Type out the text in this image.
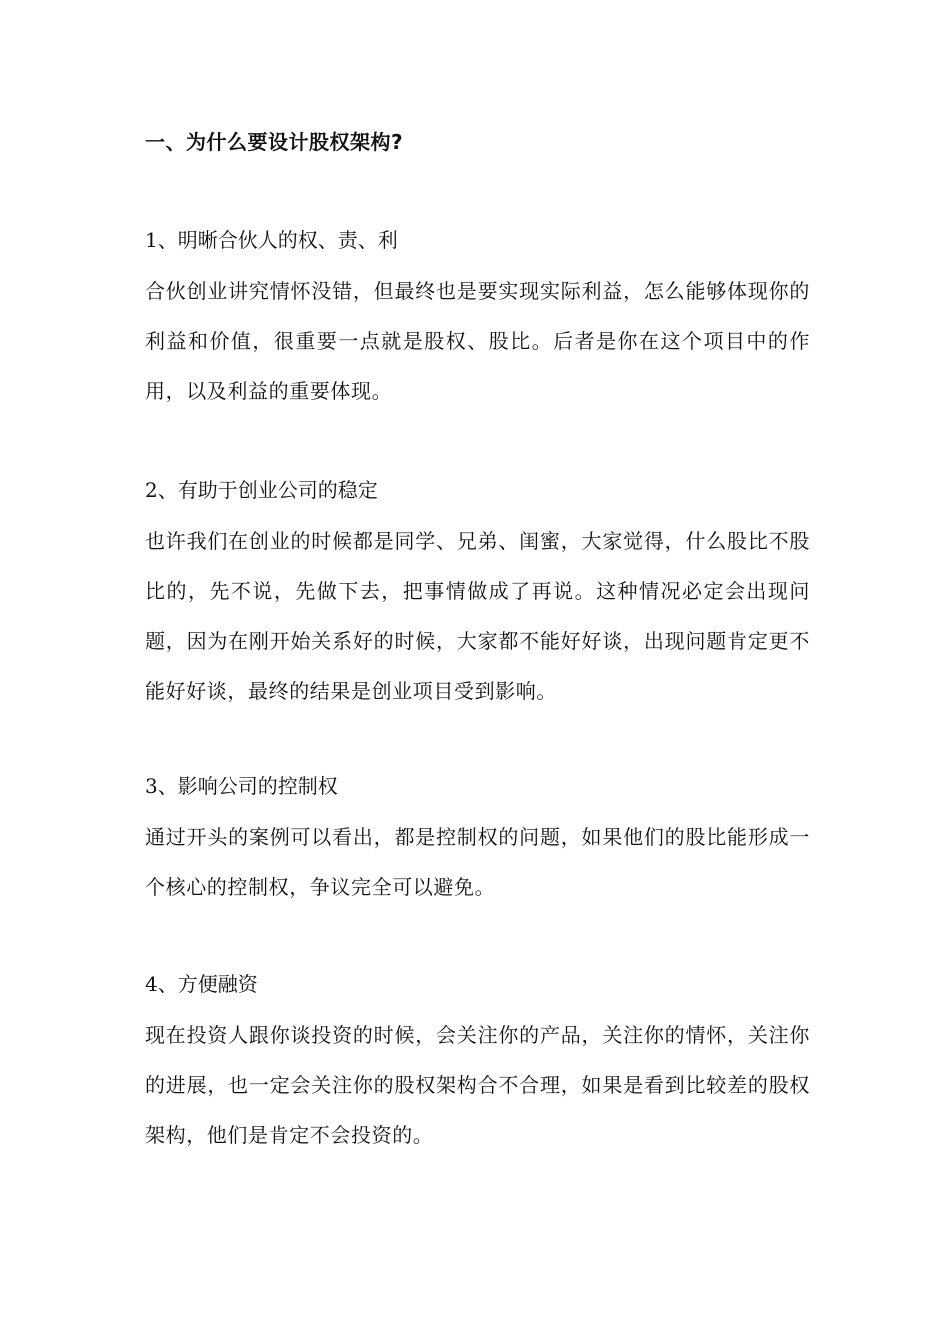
一、为什么要设计股权架构?
1、明晰合伙人的权、责、利

合伙创业讲究情怀没错，但最终也是要实现实际利益，怎么能够体现你的利益和价值，很重要一点就是股权、股比。后者是你在这个项目中的作用，以及利益的重要体现。

2、有助于创业公司的稳定

也许我们在创业的时候都是同学、兄弟、闺蜜，大家觉得，什么股比不股比的，先不说，先做下去，把事情做成了再说。这种情况必定会出现问题，因为在刚开始关系好的时候，大家都不能好好谈，出现问题肯定更不能好好谈，最终的结果是创业项目受到影响。

3、影响公司的控制权

通过开头的案例可以看出，都是控制权的问题，如果他们的股比能形成一个核心的控制权，争议完全可以避免。

4、方便融资

现在投资人跟你谈投资的时候，会关注你的产品，关注你的情怀，关注你的进展，也一定会关注你的股权架构合不合理，如果是看到比较差的股权架构，他们是肯定不会投资的。
